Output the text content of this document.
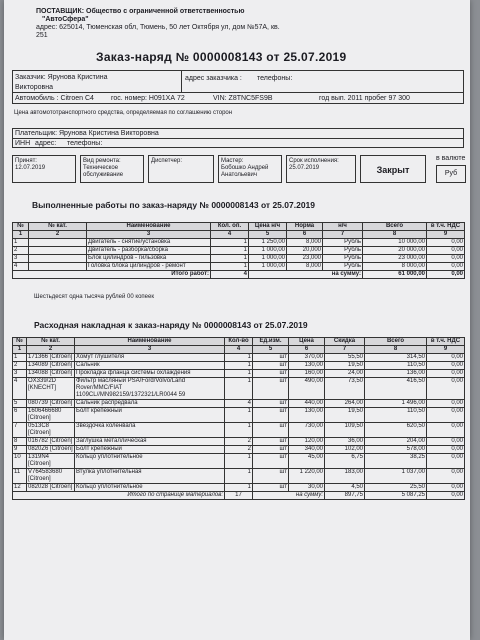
ПОСТАВЩИК: Общество с ограниченной ответственностью
"АвтоСфера"
адрес: 625014, Тюменская обл, Тюмень, 50 лет Октября ул, дом №57А, кв.
251
Заказ-наряд № 0000008143 от 25.07.2019
Заказчик: Ярунова Кристина
Викторовна
адрес заказчика : телефоны:
Автомобиль : Citroen C4 гос. номер: Н091ХА 72	VIN: Z8TNC5FS9B	год вып. 2011 пробег 97 300
Цена автомототранспортного средства, определяемая по соглашению сторон
Плательщик: Ярунова Кристина Викторовна
ИНН адрес: телефоны:
Принят:
12.07.2019
Вид ремонта:
Техническое
обслуживание
Диспетчер:	Мастер:
Бобошко Андрей
Анатольевич
Срок исполнения:
25.07.2019	Закрыт
в валюте
Руб
Выполненные работы по заказ-наряду № 0000008143 от 25.07.2019
№	№ кат.	Наименование	Кол. оп.	Цена н/ч	Норма	н/ч	Всего	в т.ч. НДС
1	2	3	4	5	6	7	8	9
1		Двигатель - снятие/установка	1	1 250,00	8,000	Рубль	10 000,00	0,00
2		Двигатель - разборка/сборка	1	1 000,00	20,000	Рубль	20 000,00	0,00
3		Блок цилиндров - гильзовка	1	1 000,00	23,000	Рубль	23 000,00	0,00
4		Головка блока цилиндров - ремонт	1	1 000,00	8,000	Рубль	8 000,00	0,00
Итого работ:			4	на сумму:			61 000,00	0,00
Шестьдесят одна тысяча рублей 00 копеек
Расходная накладная к заказ-наряду № 0000008143 от 25.07.2019
№	№ кат.	Наименование	Кол-во	Ед.изм.	Цена	Скидка	Всего	в т.ч. НДС
1	2	3	4	5	6	7	8	9
1	171366 [Citroen]	Хомут глушителя	1	шт	370,00	55,50	314,50	0,00
2	134089 [Citroen]	Сальник	1	шт	130,00	19,50	110,50	0,00
3	134088 [Citroen]	Прокладка фланца системы охлаждения	1	шт	160,00	24,00	136,00	0,00
4	OX339/2D [KNECHT]	Фильтр масляный PSA/Ford/Volvo/Land Rover/MMC/FIAT 1109CL//MN982159/1372321/LR0044 59	1	шт	490,00	73,50	416,50	0,00
5	080739 [Citroen]	Сальник распредвала	4	шт	440,00	264,00	1 496,00	0,00
6	1606466680 [Citroen]	Болт крепежный	1	шт	130,00	19,50	110,50	0,00
7	0513C8 [Citroen]	Звездочка коленвала	1	шт	730,00	109,50	620,50	0,00
8	016782 [Citroen]	Заглушка металлическая	2	шт	120,00	36,00	204,00	0,00
9	0820Z6 [Citroen]	Болт крепежный	2	шт	340,00	102,00	578,00	0,00
10	1319N4 [Citroen]	Кольцо уплотнительное	1	шт	45,00	6,75	38,25	0,00
11	V764583680 [Citroen]	Втулка уплотнительная	1	шт	1 220,00	183,00	1 037,00	0,00
12	082028 [Citroen]	Кольцо уплотнительное	1	шт	30,00	4,50	25,50	0,00
Итого по странице материалов:			17	на сумму:		897,75	5 087,25	0,00
